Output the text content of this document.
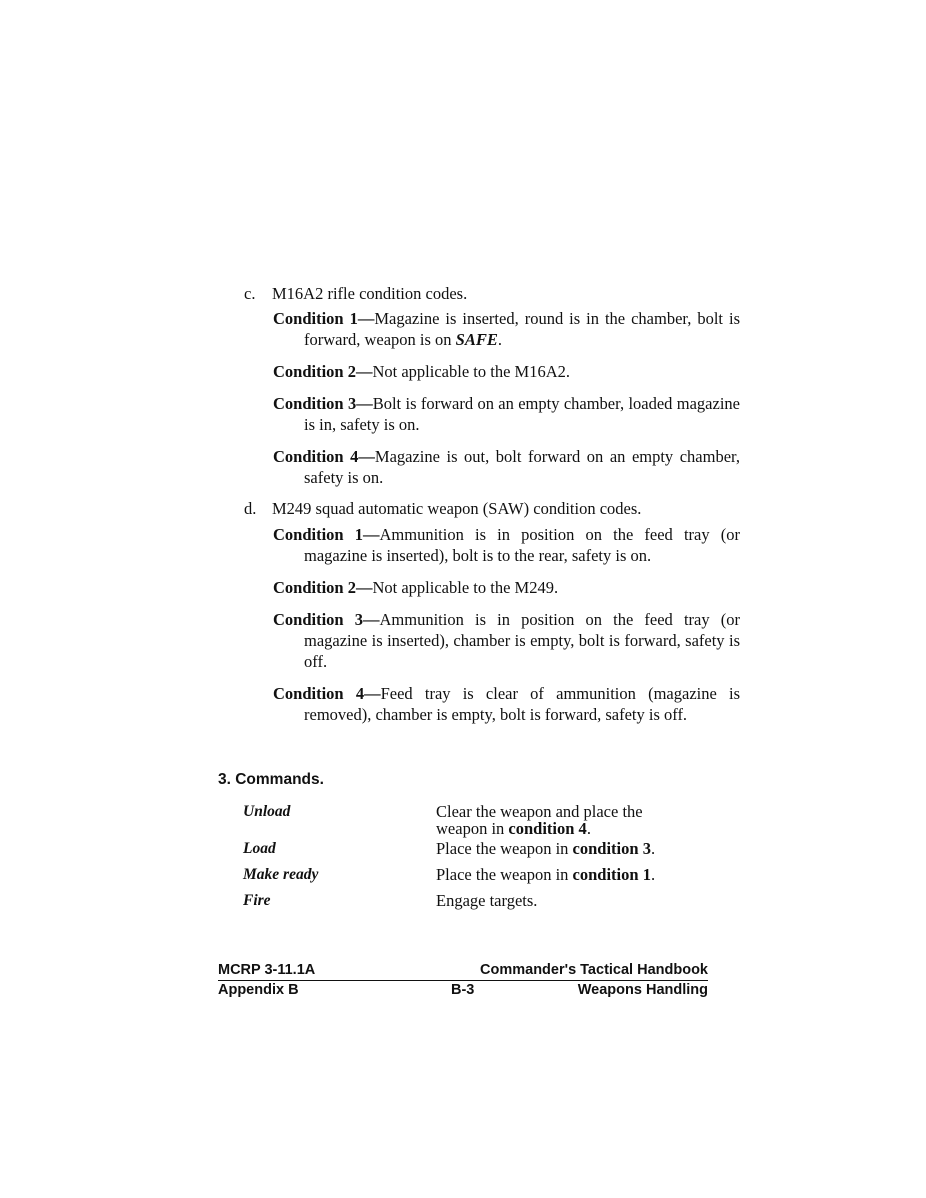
c. M16A2 rifle condition codes.
Condition 1—Magazine is inserted, round is in the chamber, bolt is forward, weapon is on SAFE.
Condition 2—Not applicable to the M16A2.
Condition 3—Bolt is forward on an empty chamber, loaded magazine is in, safety is on.
Condition 4—Magazine is out, bolt forward on an empty chamber, safety is on.
d. M249 squad automatic weapon (SAW) condition codes.
Condition 1—Ammunition is in position on the feed tray (or magazine is inserted), bolt is to the rear, safety is on.
Condition 2—Not applicable to the M249.
Condition 3—Ammunition is in position on the feed tray (or magazine is inserted), chamber is empty, bolt is forward, safety is off.
Condition 4—Feed tray is clear of ammunition (magazine is removed), chamber is empty, bolt is forward, safety is off.
3. Commands.
Unload	Clear the weapon and place the weapon in condition 4.
Load	Place the weapon in condition 3.
Make ready	Place the weapon in condition 1.
Fire	Engage targets.
MCRP 3-11.1A	Commander's Tactical Handbook
Appendix B	B-3	Weapons Handling
